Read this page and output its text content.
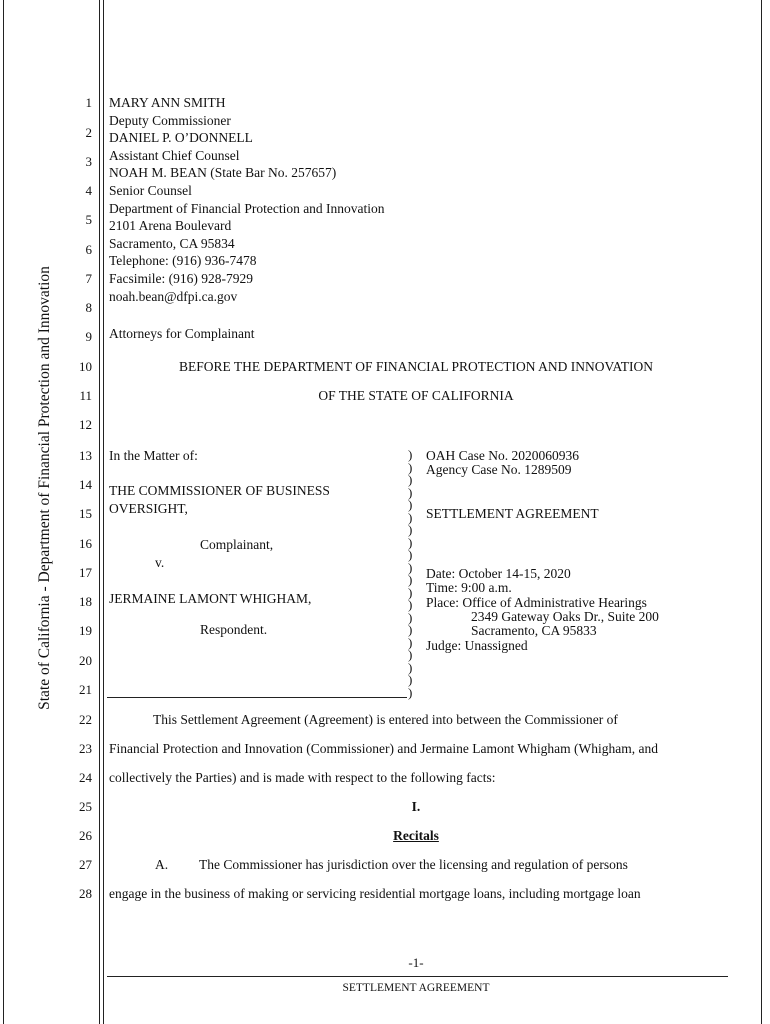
State of California - Department of Financial Protection and Innovation
1
2
3
4
5
6
7
8
9
10
11
12
13
14
15
16
17
18
19
20
21
22
23
24
25
26
27
28
MARY ANN SMITH
Deputy Commissioner
DANIEL P. O’DONNELL
Assistant Chief Counsel
NOAH M. BEAN (State Bar No. 257657)
Senior Counsel
Department of Financial Protection and Innovation
2101 Arena Boulevard
Sacramento, CA 95834
Telephone: (916) 936-7478
Facsimile: (916) 928-7929
noah.bean@dfpi.ca.gov
Attorneys for Complainant
BEFORE THE DEPARTMENT OF FINANCIAL PROTECTION AND INNOVATION
OF THE STATE OF CALIFORNIA
In the Matter of:
THE COMMISSIONER OF BUSINESS
OVERSIGHT,
Complainant,
v.
JERMAINE LAMONT WHIGHAM,
Respondent.
)
)
)
)
)
)
)
)
)
)
)
)
)
)
)
)
)
)
)
)
OAH Case No. 2020060936
Agency Case No. 1289509
SETTLEMENT AGREEMENT
Date: October 14-15, 2020
Time: 9:00 a.m.
Place: Office of Administrative Hearings
2349 Gateway Oaks Dr., Suite 200
Sacramento, CA 95833
Judge: Unassigned
This Settlement Agreement (Agreement) is entered into between the Commissioner of
Financial Protection and Innovation (Commissioner) and Jermaine Lamont Whigham (Whigham, and
collectively the Parties) and is made with respect to the following facts:
I.
Recitals
A. The Commissioner has jurisdiction over the licensing and regulation of persons
engage in the business of making or servicing residential mortgage loans, including mortgage loan
-1-
SETTLEMENT AGREEMENT
